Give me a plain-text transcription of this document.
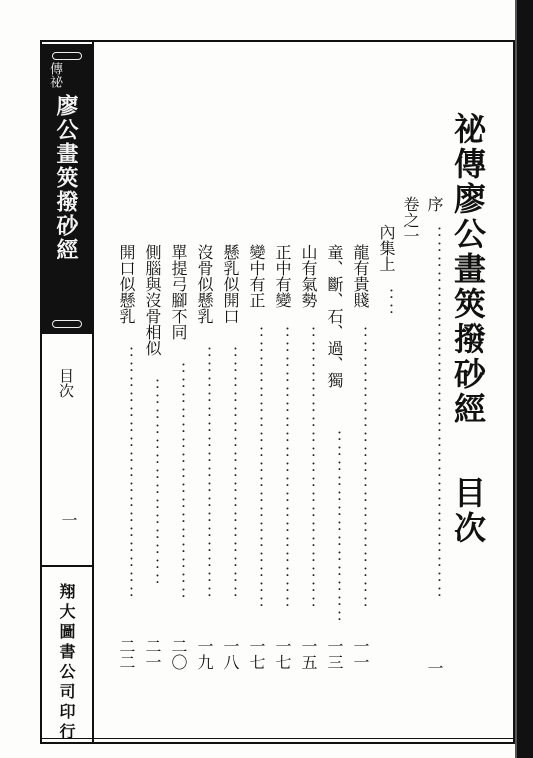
傳祕
廖公畫筴撥砂經
目次
一
翔大圖書公司印行
祕傳廖公畫筴撥砂經
目次
序
：：：：：：：：：：：：：：：：：：：：：：：：：
一
卷之一
內集上
：：
龍有貴賤
：：：：：：：：：：：：：：：：：：：
一一
童、斷、石、過、獨
：：：：：：：：：：：：：
一三
山有氣勢
：：：：：：：：：：：：：：：：：：：
一五
正中有變
：：：：：：：：：：：：：：：：：：：
一七
變中有正
：：：：：：：：：：：：：：：：：：：
一七
懸乳似開口
：：：：：：：：：：：：：：：：：
一八
沒骨似懸乳
：：：：：：：：：：：：：：：：：
一九
單提弓腳不同
：：：：：：：：：：：：：：：：
二〇
側腦與沒骨相似
：：：：：：：：：：：：：：
二一
開口似懸乳
：：：：：：：：：：：：：：：：：
二二
